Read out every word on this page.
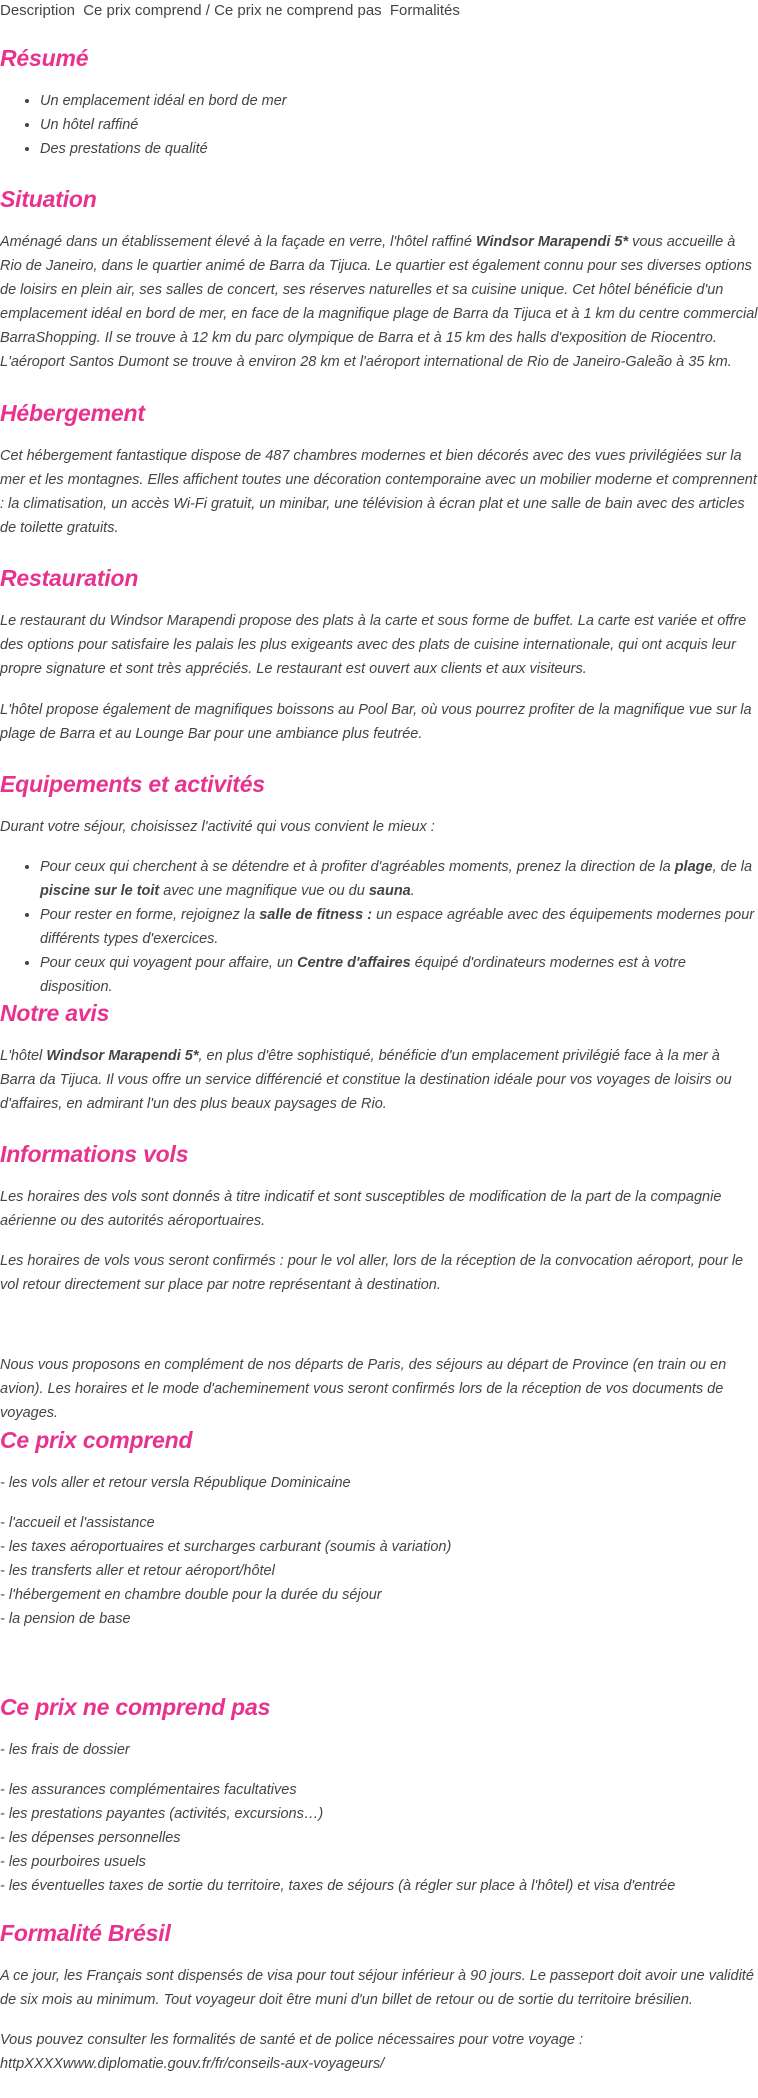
Description Ce prix comprend / Ce prix ne comprend pas Formalités
Résumé
• Un emplacement idéal en bord de mer
• Un hôtel raffiné
• Des prestations de qualité
Situation

Aménagé dans un établissement élevé à la façade en verre, l'hôtel raffiné Windsor Marapendi 5* vous accueille à Rio de Janeiro, dans le quartier animé de Barra da Tijuca. Le quartier est également connu pour ses diverses options de loisirs en plein air, ses salles de concert, ses réserves naturelles et sa cuisine unique. Cet hôtel bénéficie d'un emplacement idéal en bord de mer, en face de la magnifique plage de Barra da Tijuca et à 1 km du centre commercial BarraShopping. Il se trouve à 12 km du parc olympique de Barra et à 15 km des halls d'exposition de Riocentro. L'aéroport Santos Dumont se trouve à environ 28 km et l'aéroport international de Rio de Janeiro-Galeão à 35 km.

Hébergement

Cet hébergement fantastique dispose de 487 chambres modernes et bien décorés avec des vues privilégiées sur la mer et les montagnes. Elles affichent toutes une décoration contemporaine avec un mobilier moderne et comprennent : la climatisation, un accès Wi-Fi gratuit, un minibar, une télévision à écran plat et une salle de bain avec des articles de toilette gratuits.

Restauration

Le restaurant du Windsor Marapendi propose des plats à la carte et sous forme de buffet. La carte est variée et offre des options pour satisfaire les palais les plus exigeants avec des plats de cuisine internationale, qui ont acquis leur propre signature et sont très appréciés. Le restaurant est ouvert aux clients et aux visiteurs.

L'hôtel propose également de magnifiques boissons au Pool Bar, où vous pourrez profiter de la magnifique vue sur la plage de Barra et au Lounge Bar pour une ambiance plus feutrée.

Equipements et activités

Durant votre séjour, choisissez l'activité qui vous convient le mieux :

• Pour ceux qui cherchent à se détendre et à profiter d'agréables moments, prenez la direction de la plage, de la piscine sur le toit avec une magnifique vue ou du sauna.
• Pour rester en forme, rejoignez la salle de fitness : un espace agréable avec des équipements modernes pour différents types d'exercices.
• Pour ceux qui voyagent pour affaire, un Centre d'affaires équipé d'ordinateurs modernes est à votre disposition.
Notre avis

L'hôtel Windsor Marapendi 5*, en plus d'être sophistiqué, bénéficie d'un emplacement privilégié face à la mer à Barra da Tijuca. Il vous offre un service différencié et constitue la destination idéale pour vos voyages de loisirs ou d'affaires, en admirant l'un des plus beaux paysages de Rio.

Informations vols

Les horaires des vols sont donnés à titre indicatif et sont susceptibles de modification de la part de la compagnie aérienne ou des autorités aéroportuaires.

Les horaires de vols vous seront confirmés : pour le vol aller, lors de la réception de la convocation aéroport, pour le vol retour directement sur place par notre représentant à destination.

Nous vous proposons en complément de nos départs de Paris, des séjours au départ de Province (en train ou en avion). Les horaires et le mode d'acheminement vous seront confirmés lors de la réception de vos documents de voyages.

Ce prix comprend

- les vols aller et retour versla République Dominicaine

- l'accueil et l'assistance
- les taxes aéroportuaires et surcharges carburant (soumis à variation)
- les transferts aller et retour aéroport/hôtel
- l'hébergement en chambre double pour la durée du séjour
- la pension de base
Ce prix ne comprend pas

- les frais de dossier

- les assurances complémentaires facultatives
- les prestations payantes (activités, excursions…)
- les dépenses personnelles
- les pourboires usuels
- les éventuelles taxes de sortie du territoire, taxes de séjours (à régler sur place à l'hôtel) et visa d'entrée
Formalité Brésil

A ce jour, les Français sont dispensés de visa pour tout séjour inférieur à 90 jours. Le passeport doit avoir une validité de six mois au minimum. Tout voyageur doit être muni d'un billet de retour ou de sortie du territoire brésilien.

Vous pouvez consulter les formalités de santé et de police nécessaires pour votre voyage :

httpXXXXwww.diplomatie.gouv.fr/fr/conseils-aux-voyageurs/
